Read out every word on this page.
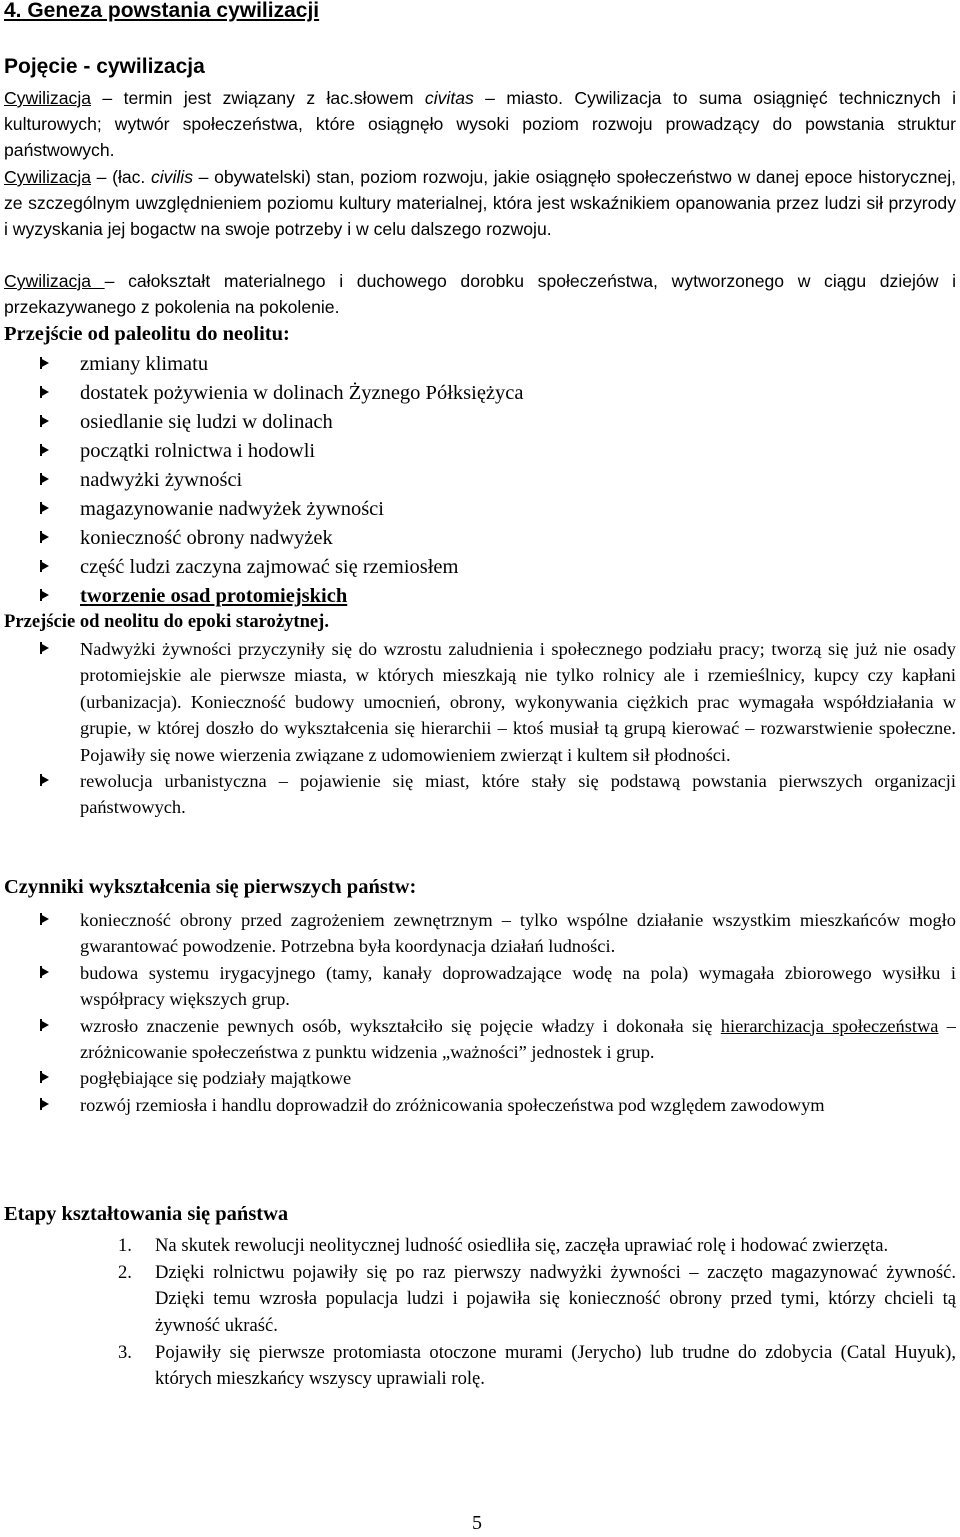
4. Geneza powstania cywilizacji
Pojęcie - cywilizacja

Cywilizacja – termin jest związany z łac.słowem civitas – miasto. Cywilizacja to suma osiągnięć technicznych i kulturowych; wytwór społeczeństwa, które osiągnęło wysoki poziom rozwoju prowadzący do powstania struktur państwowych.

Cywilizacja – (łac. civilis – obywatelski) stan, poziom rozwoju, jakie osiągnęło społeczeństwo w danej epoce historycznej, ze szczególnym uwzględnieniem poziomu kultury materialnej, która jest wskaźnikiem opanowania przez ludzi sił przyrody i wyzyskania jej bogactw na swoje potrzeby i w celu dalszego rozwoju.

Cywilizacja – całokształt materialnego i duchowego dorobku społeczeństwa, wytworzonego w ciągu dziejów i przekazywanego z pokolenia na pokolenie.

Przejście od paleolitu do neolitu:
zmiany klimatu
dostatek pożywienia w dolinach Żyznego Półksiężyca
osiedlanie się ludzi w dolinach
początki rolnictwa i hodowli
nadwyżki żywności
magazynowanie nadwyżek żywności
konieczność obrony nadwyżek
część ludzi zaczyna zajmować się rzemiosłem
tworzenie osad protomiejskich
Przejście od neolitu do epoki starożytnej.
Nadwyżki żywności przyczyniły się do wzrostu zaludnienia i społecznego podziału pracy; tworzą się już nie osady protomiejskie ale pierwsze miasta, w których mieszkają nie tylko rolnicy ale i rzemieślnicy, kupcy czy kapłani (urbanizacja). Konieczność budowy umocnień, obrony, wykonywania ciężkich prac wymagała współdziałania w grupie, w której doszło do wykształcenia się hierarchii – ktoś musiał tą grupą kierować – rozwarstwienie społeczne. Pojawiły się nowe wierzenia związane z udomowieniem zwierząt i kultem sił płodności.
rewolucja urbanistyczna – pojawienie się miast, które stały się podstawą powstania pierwszych organizacji państwowych.
Czynniki wykształcenia się pierwszych państw:
konieczność obrony przed zagrożeniem zewnętrznym – tylko wspólne działanie wszystkim mieszkańców mogło gwarantować powodzenie. Potrzebna była koordynacja działań ludności.
budowa systemu irygacyjnego (tamy, kanały doprowadzające wodę na pola) wymagała zbiorowego wysiłku i współpracy większych grup.
wzrosło znaczenie pewnych osób, wykształciło się pojęcie władzy i dokonała się hierarchizacja społeczeństwa – zróżnicowanie społeczeństwa z punktu widzenia „ważności” jednostek i grup.
pogłębiające się podziały majątkowe
rozwój rzemiosła i handlu doprowadził do zróżnicowania społeczeństwa pod względem zawodowym
Etapy kształtowania się państwa
1. Na skutek rewolucji neolitycznej ludność osiedliła się, zaczęła uprawiać rolę i hodować zwierzęta.
2. Dzięki rolnictwu pojawiły się po raz pierwszy nadwyżki żywności – zaczęto magazynować żywność. Dzięki temu wzrosła populacja ludzi i pojawiła się konieczność obrony przed tymi, którzy chcieli tą żywność ukraść.
3. Pojawiły się pierwsze protomiasta otoczone murami (Jerycho) lub trudne do zdobycia (Catal Huyuk), których mieszkańcy wszyscy uprawiali rolę.
5
